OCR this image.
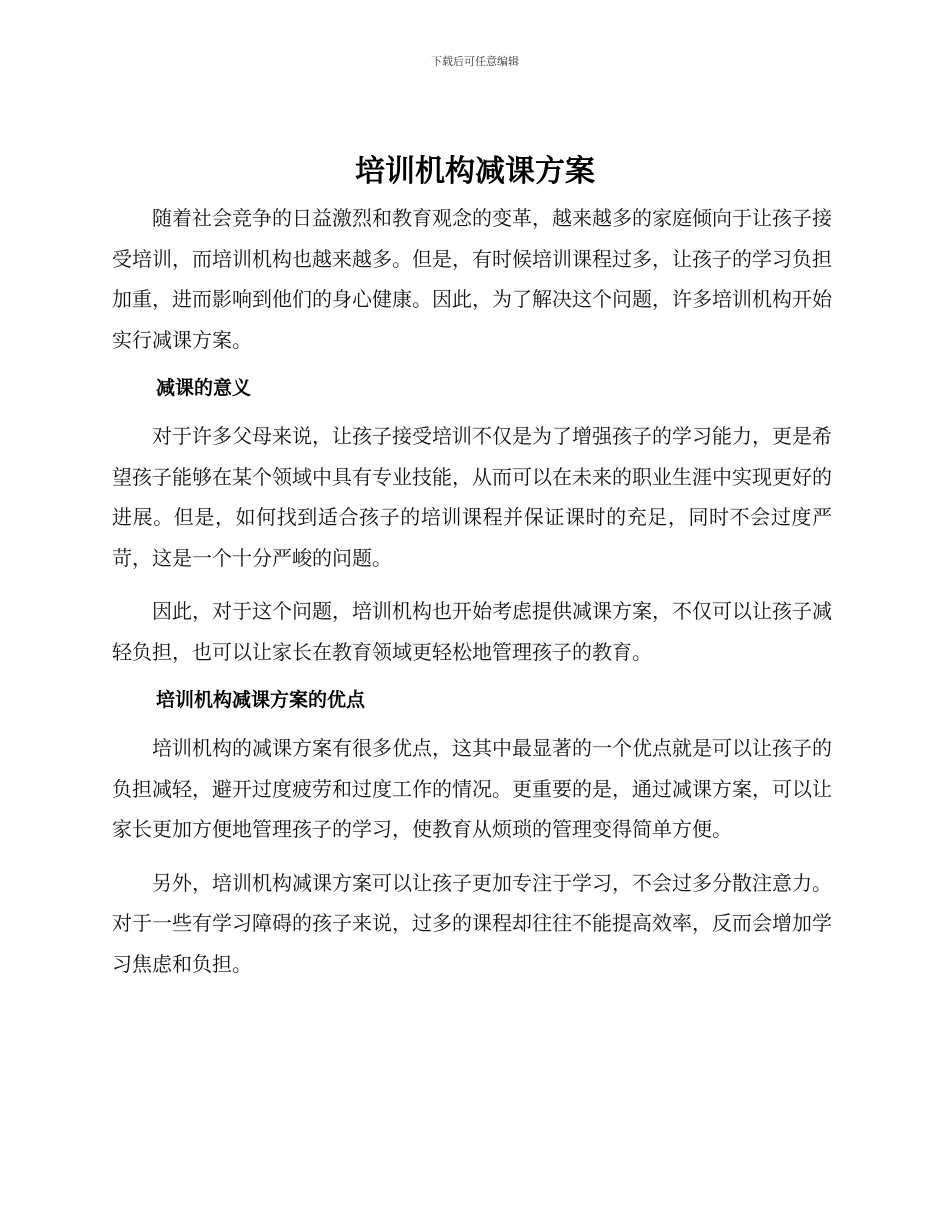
下载后可任意编辑
培训机构减课方案

随着社会竞争的日益激烈和教育观念的变革，越来越多的家庭倾向于让孩子接受培训，而培训机构也越来越多。但是，有时候培训课程过多，让孩子的学习负担加重，进而影响到他们的身心健康。因此，为了解决这个问题，许多培训机构开始实行减课方案。

减课的意义

对于许多父母来说，让孩子接受培训不仅是为了增强孩子的学习能力，更是希望孩子能够在某个领域中具有专业技能，从而可以在未来的职业生涯中实现更好的进展。但是，如何找到适合孩子的培训课程并保证课时的充足，同时不会过度严苛，这是一个十分严峻的问题。

因此，对于这个问题，培训机构也开始考虑提供减课方案，不仅可以让孩子减轻负担，也可以让家长在教育领域更轻松地管理孩子的教育。

培训机构减课方案的优点

培训机构的减课方案有很多优点，这其中最显著的一个优点就是可以让孩子的负担减轻，避开过度疲劳和过度工作的情况。更重要的是，通过减课方案，可以让家长更加方便地管理孩子的学习，使教育从烦琐的管理变得简单方便。

另外，培训机构减课方案可以让孩子更加专注于学习，不会过多分散注意力。对于一些有学习障碍的孩子来说，过多的课程却往往不能提高效率，反而会增加学习焦虑和负担。
